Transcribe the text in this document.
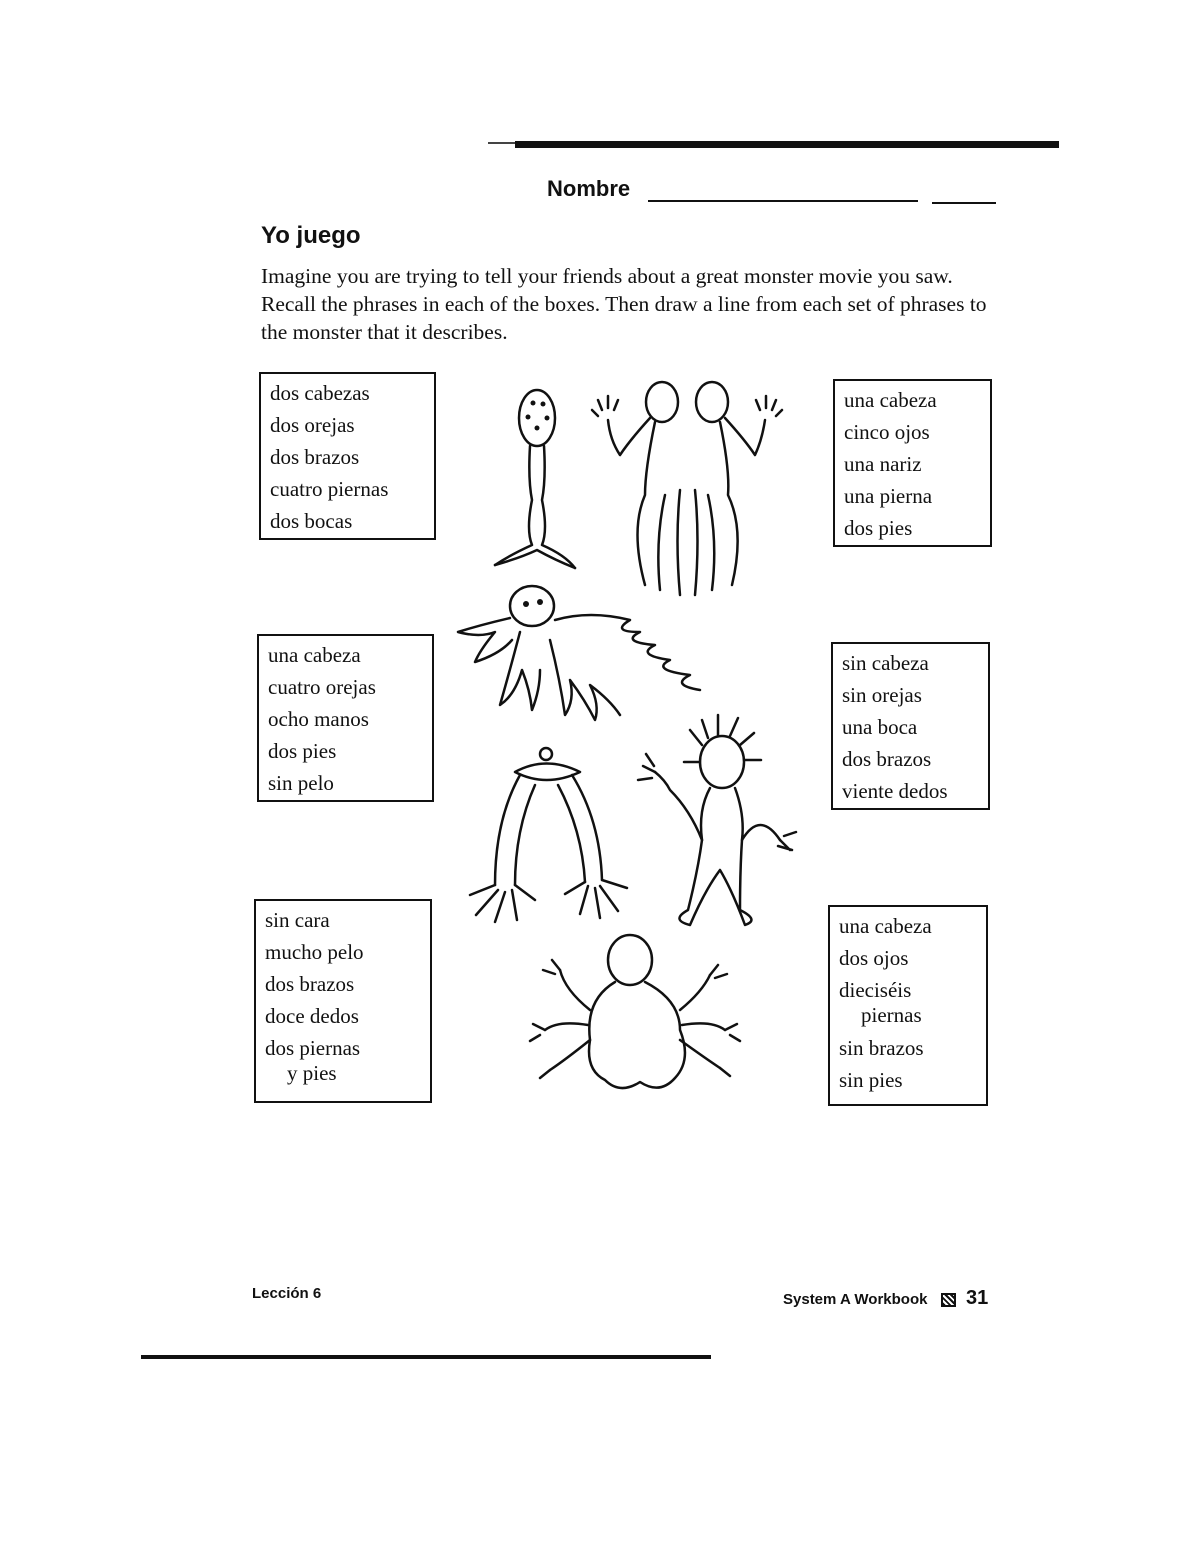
Nombre
Yo juego
Imagine you are trying to tell your friends about a great monster movie you saw. Recall the phrases in each of the boxes. Then draw a line from each set of phrases to the monster that it describes.
dos cabezas
dos orejas
dos brazos
cuatro piernas
dos bocas
una cabeza
cuatro orejas
ocho manos
dos pies
sin pelo
sin cara
mucho pelo
dos brazos
doce dedos
dos piernas
y pies
una cabeza
cinco ojos
una nariz
una pierna
dos pies
sin cabeza
sin orejas
una boca
dos brazos
viente dedos
una cabeza
dos ojos
dieciséis
piernas
sin brazos
sin pies
Lección 6	System A Workbook 31
